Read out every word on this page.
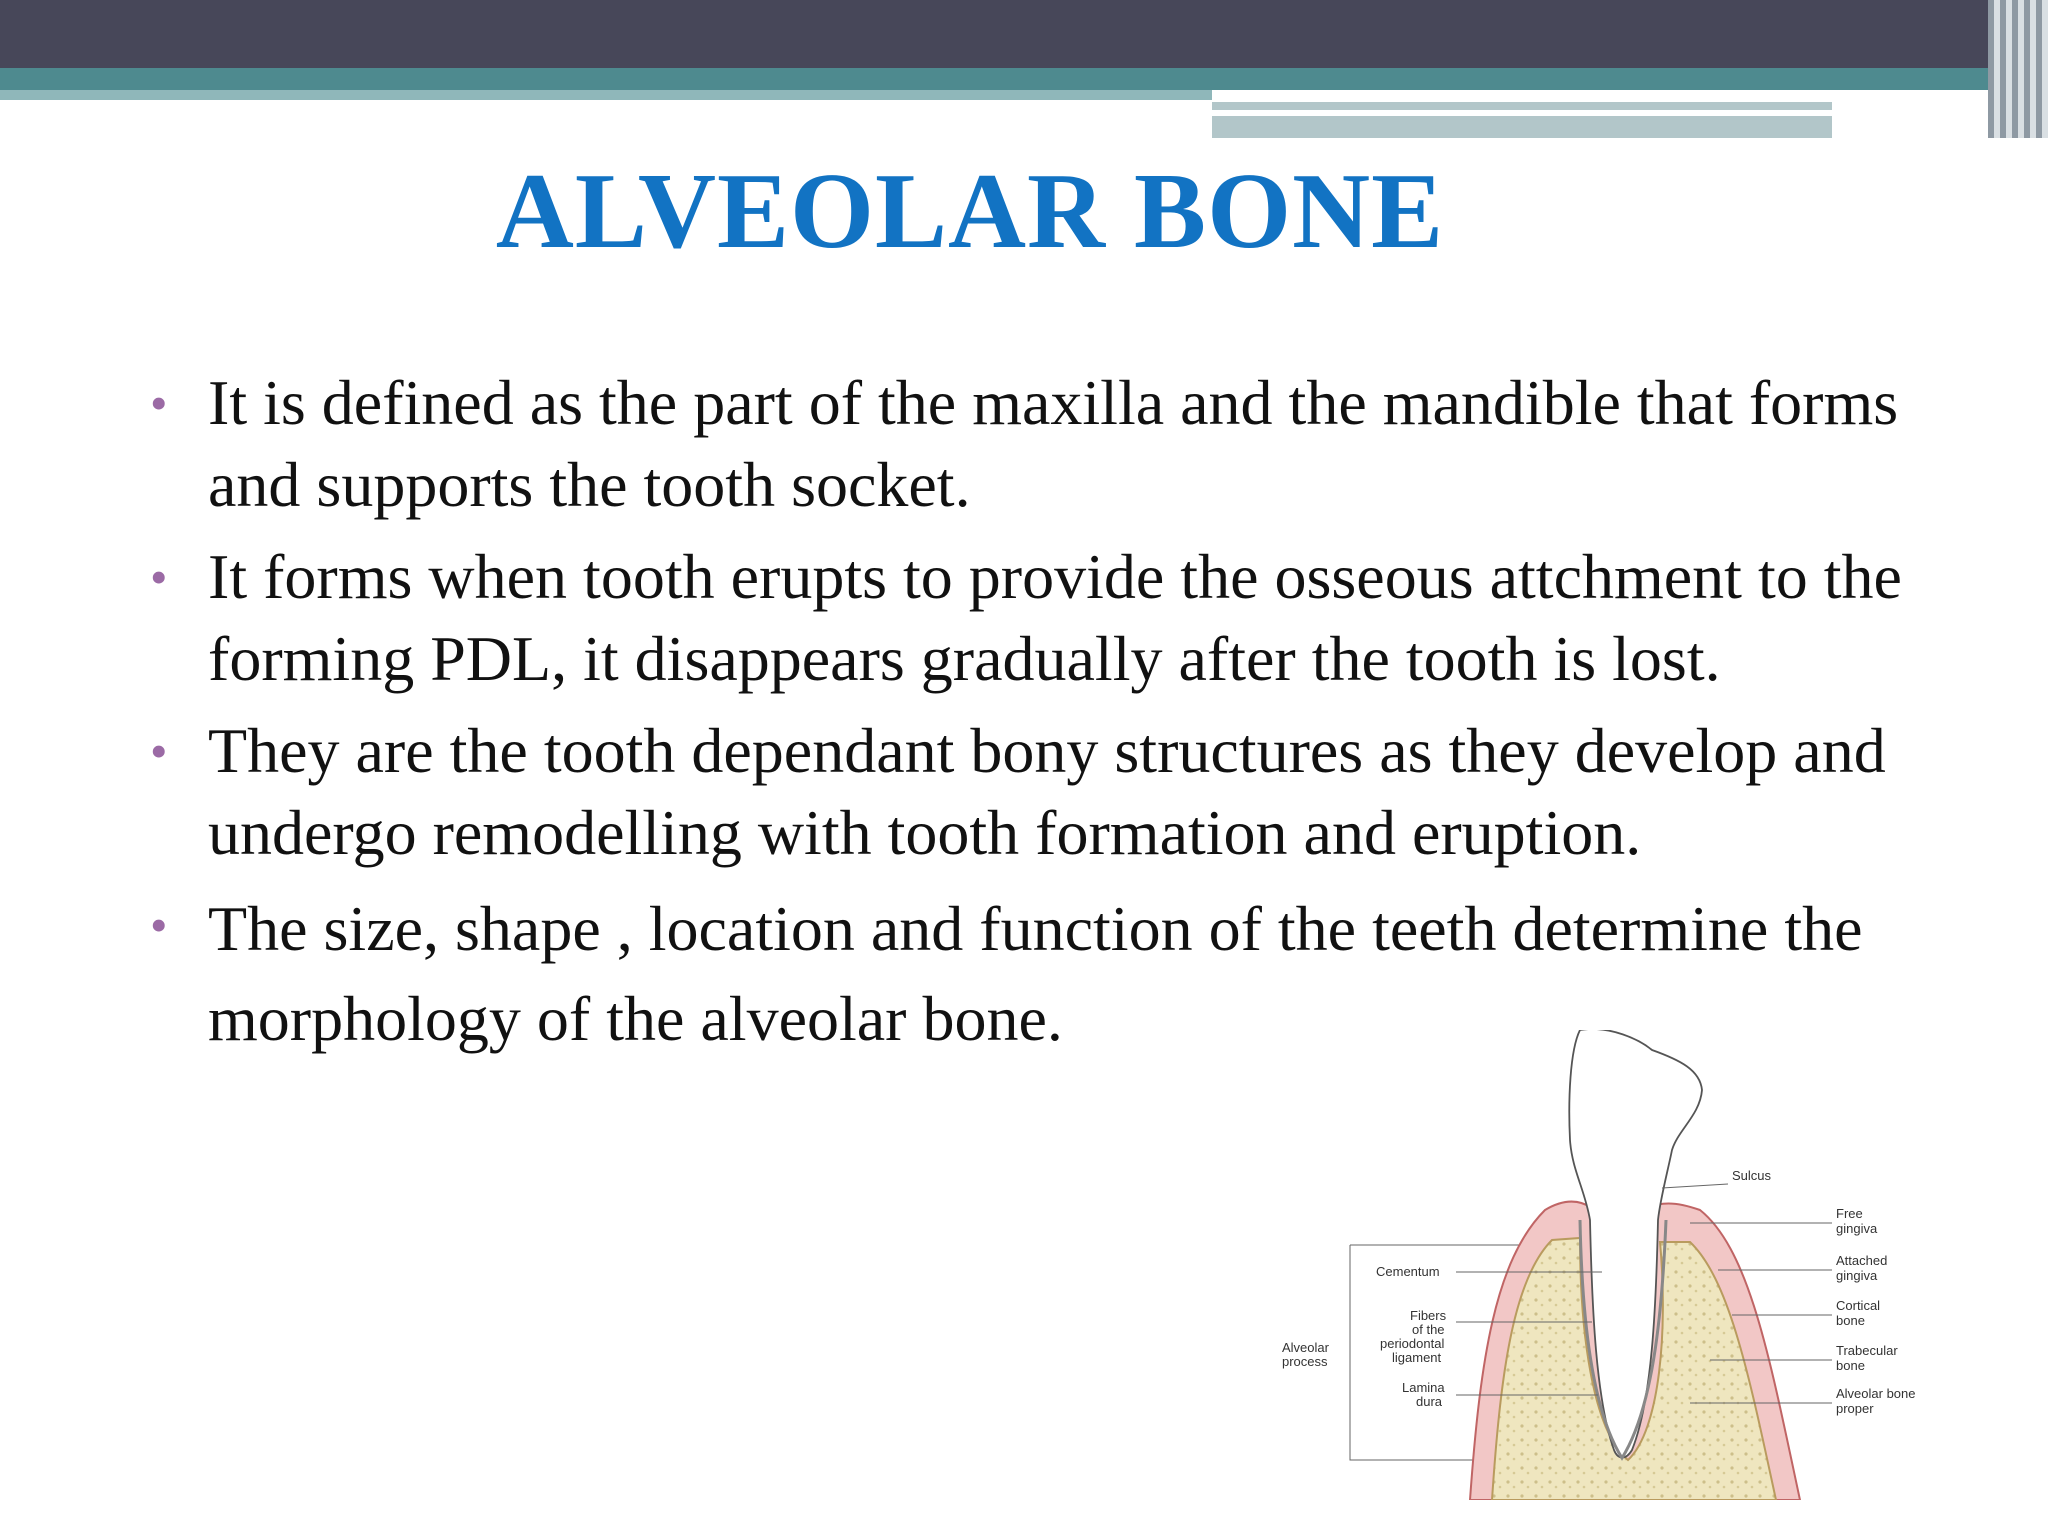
ALVEOLAR BONE
• It is defined as the part of the maxilla and the mandible that forms and supports the tooth socket.
• It forms when tooth erupts to provide the osseous attchment to the forming PDL, it disappears gradually after the tooth is lost.
• They are the tooth dependant bony structures as they develop and undergo remodelling with tooth formation and eruption.
• The size, shape , location and function of the teeth determine the morphology of the alveolar bone.
Sulcus
Free
gingiva
Attached
gingiva
Cortical
bone
Trabecular
bone
Alveolar bone
proper
Cementum
Fibers
of the
periodontal
ligament
Lamina
dura
Alveolar
process
